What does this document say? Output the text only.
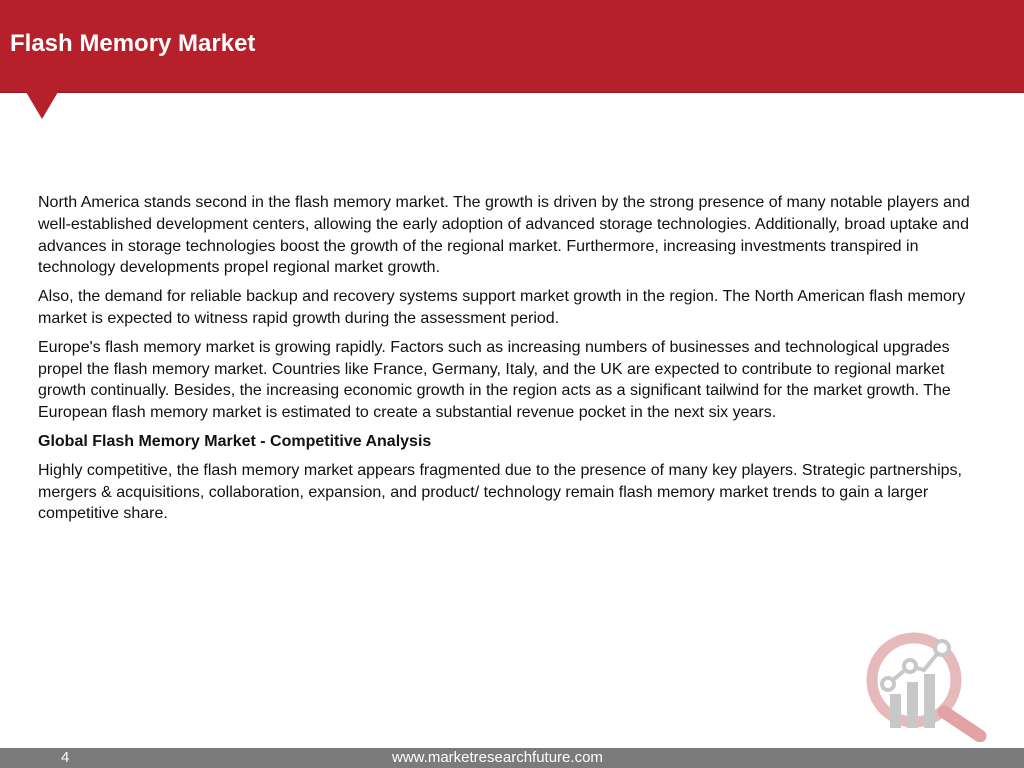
Flash Memory Market

North America stands second in the flash memory market. The growth is driven by the strong presence of many notable players and well-established development centers, allowing the early adoption of advanced storage technologies. Additionally, broad uptake and advances in storage technologies boost the growth of the regional market. Furthermore, increasing investments transpired in technology developments propel regional market growth.

Also, the demand for reliable backup and recovery systems support market growth in the region. The North American flash memory market is expected to witness rapid growth during the assessment period.

Europe's flash memory market is growing rapidly. Factors such as increasing numbers of businesses and technological upgrades propel the flash memory market. Countries like France, Germany, Italy, and the UK are expected to contribute to regional market growth continually. Besides, the increasing economic growth in the region acts as a significant tailwind for the market growth. The European flash memory market is estimated to create a substantial revenue pocket in the next six years.

Global Flash Memory Market - Competitive Analysis

Highly competitive, the flash memory market appears fragmented due to the presence of many key players. Strategic partnerships, mergers & acquisitions, collaboration, expansion, and product/ technology remain flash memory market trends to gain a larger competitive share.

4	www.marketresearchfuture.com
